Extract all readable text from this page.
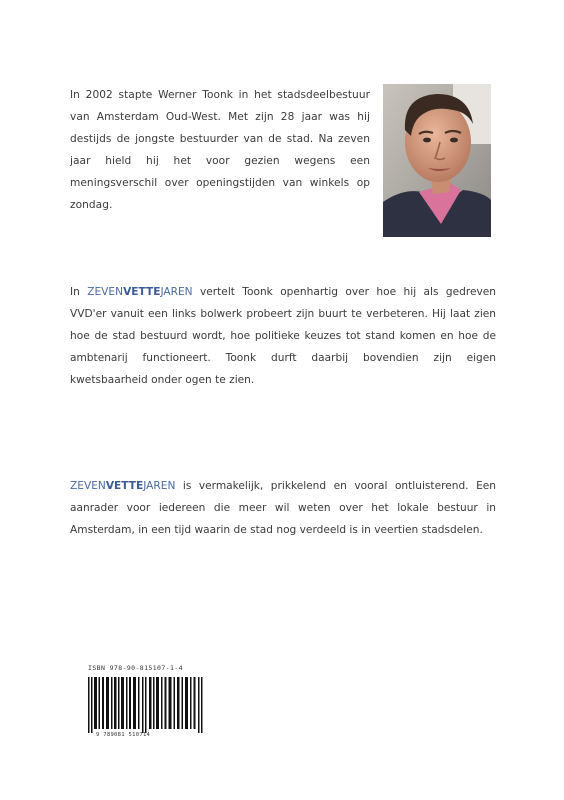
In 2002 stapte Werner Toonk in het stadsdeelbestuur van Amsterdam Oud-West. Met zijn 28 jaar was hij destijds de jongste bestuurder van de stad. Na zeven jaar hield hij het voor gezien wegens een meningsverschil over openingstijden van winkels op zondag.

In ZEVENVETTEJAREN vertelt Toonk openhartig over hoe hij als gedreven VVD'er vanuit een links bolwerk probeert zijn buurt te verbeteren. Hij laat zien hoe de stad bestuurd wordt, hoe politieke keuzes tot stand komen en hoe de ambtenarij functioneert. Toonk durft daarbij bovendien zijn eigen kwetsbaarheid onder ogen te zien.

ZEVENVETTEJAREN is vermakelijk, prikkelend en vooral ontluisterend. Een aanrader voor iedereen die meer wil weten over het lokale bestuur in Amsterdam, in een tijd waarin de stad nog verdeeld is in veertien stadsdelen.

ISBN 978-90-815107-1-4
9 789081 510714
